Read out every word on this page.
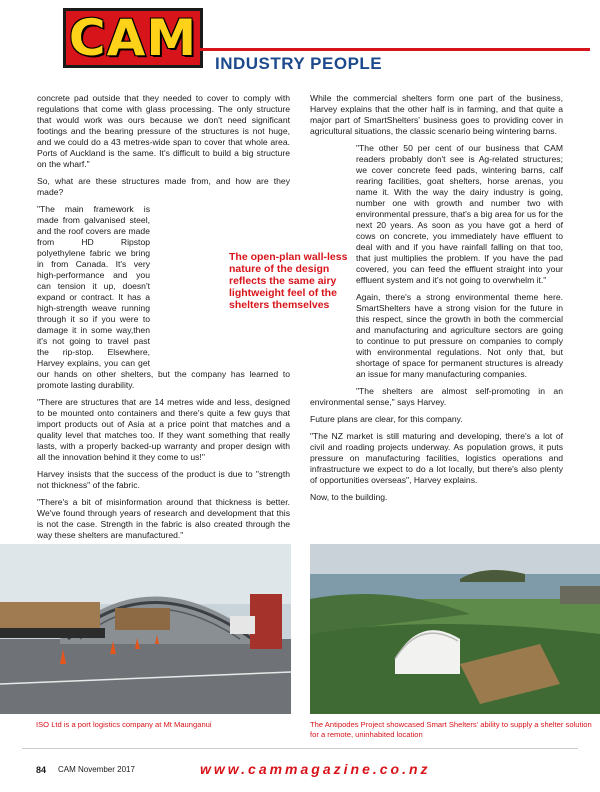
CAM INDUSTRY PEOPLE

concrete pad outside that they needed to cover to comply with regulations that come with glass processing. The only structure that would work was ours because we don't need significant footings and the bearing pressure of the structures is not huge, and we could do a 43 metres-wide span to cover that whole area. Ports of Auckland is the same. It's difficult to build a big structure on the wharf."

So, what are these structures made from, and how are they made?

"The main framework is made from galvanised steel, and the roof covers are made from HD Ripstop polyethylene fabric we bring in from Canada. It's very high-performance and you can tension it up, doesn't expand or contract. It has a high-strength weave running through it so if you were to damage it in some way,then it's not going to travel past the rip-stop. Elsewhere, Harvey explains, you can get our hands on other shelters, but the company has learned to promote lasting durability.

"There are structures that are 14 metres wide and less, designed to be mounted onto containers and there's quite a few guys that import products out of Asia at a price point that matches and a quality level that matches too. If they want something that really lasts, with a properly backed-up warranty and proper design with all the innovation behind it they come to us!"

Harvey insists that the success of the product is due to "strength not thickness" of the fabric.

"There's a bit of misinformation around that thickness is better. We've found through years of research and development that this is not the case. Strength in the fabric is also created through the way these shelters are manufactured."

The open-plan wall-less nature of the design reflects the same airy lightweight feel of the shelters themselves

While the commercial shelters form one part of the business, Harvey explains that the other half is in farming, and that quite a major part of SmartShelters' business goes to providing cover in agricultural situations, the classic scenario being wintering barns.

"The other 50 per cent of our business that CAM readers probably don't see is Ag-related structures; we cover concrete feed pads, wintering barns, calf rearing facilities, goat shelters, horse arenas, you name it. With the way the dairy industry is going, number one with growth and number two with environmental pressure, that's a big area for us for the next 20 years. As soon as you have got a herd of cows on concrete, you immediately have effluent to deal with and if you have rainfall falling on that too, that just multiplies the problem. If you have the pad covered, you can feed the effluent straight into your effluent system and it's not going to overwhelm it."

Again, there's a strong environmental theme here. SmartShelters have a strong vision for the future in this respect, since the growth in both the commercial and manufacturing and agriculture sectors are going to continue to put pressure on companies to comply with environmental regulations. Not only that, but shortage of space for permanent structures is already an issue for many manufacturing companies.

"The shelters are almost self-promoting in an environmental sense," says Harvey.

Future plans are clear, for this company.

"The NZ market is still maturing and developing, there's a lot of civil and roading projects underway. As population grows, it puts pressure on manufacturing facilities, logistics operations and infrastructure we expect to do a lot locally, but there's also plenty of opportunities overseas", Harvey explains.

Now, to the building.

ISO Ltd is a port logistics company at Mt Maunganui	The Antipodes Project showcased Smart Shelters' ability to supply a shelter solution for a remote, uninhabited location
84 CAM November 2017	www.cammagazine.co.nz
